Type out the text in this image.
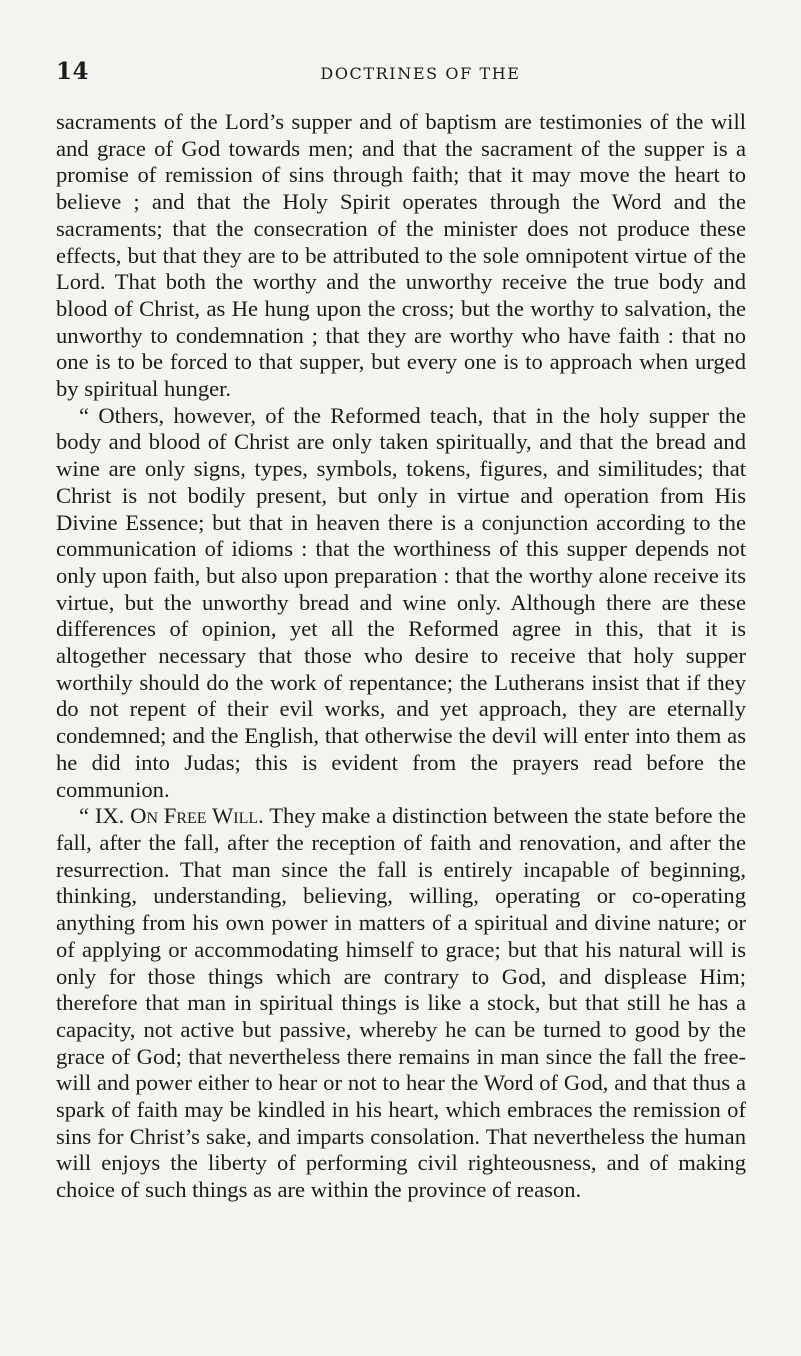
14	DOCTRINES OF THE

sacraments of the Lord’s supper and of baptism are testimonies of the will and grace of God towards men; and that the sacrament of the supper is a promise of remission of sins through faith; that it may move the heart to believe ; and that the Holy Spirit operates through the Word and the sacraments; that the consecration of the minister does not produce these effects, but that they are to be attributed to the sole omnipotent virtue of the Lord. That both the worthy and the unworthy receive the true body and blood of Christ, as He hung upon the cross; but the worthy to salvation, the unworthy to condemnation ; that they are worthy who have faith : that no one is to be forced to that supper, but every one is to approach when urged by spiritual hunger.

“ Others, however, of the Reformed teach, that in the holy supper the body and blood of Christ are only taken spiritually, and that the bread and wine are only signs, types, symbols, tokens, figures, and similitudes; that Christ is not bodily present, but only in virtue and operation from His Divine Essence; but that in heaven there is a conjunction according to the communication of idioms : that the worthiness of this supper depends not only upon faith, but also upon preparation : that the worthy alone receive its virtue, but the unworthy bread and wine only. Although there are these differences of opinion, yet all the Reformed agree in this, that it is altogether necessary that those who desire to receive that holy supper worthily should do the work of repentance; the Lutherans insist that if they do not repent of their evil works, and yet approach, they are eternally condemned; and the English, that otherwise the devil will enter into them as he did into Judas; this is evident from the prayers read before the communion.

“ IX. On Free Will. They make a distinction between the state before the fall, after the fall, after the reception of faith and renovation, and after the resurrection. That man since the fall is entirely incapable of beginning, thinking, understanding, believing, willing, operating or co-operating anything from his own power in matters of a spiritual and divine nature; or of applying or accommodating himself to grace; but that his natural will is only for those things which are contrary to God, and displease Him; therefore that man in spiritual things is like a stock, but that still he has a capacity, not active but passive, whereby he can be turned to good by the grace of God; that nevertheless there remains in man since the fall the free-will and power either to hear or not to hear the Word of God, and that thus a spark of faith may be kindled in his heart, which embraces the remission of sins for Christ’s sake, and imparts consolation. That nevertheless the human will enjoys the liberty of performing civil righteousness, and of making choice of such things as are within the province of reason.
